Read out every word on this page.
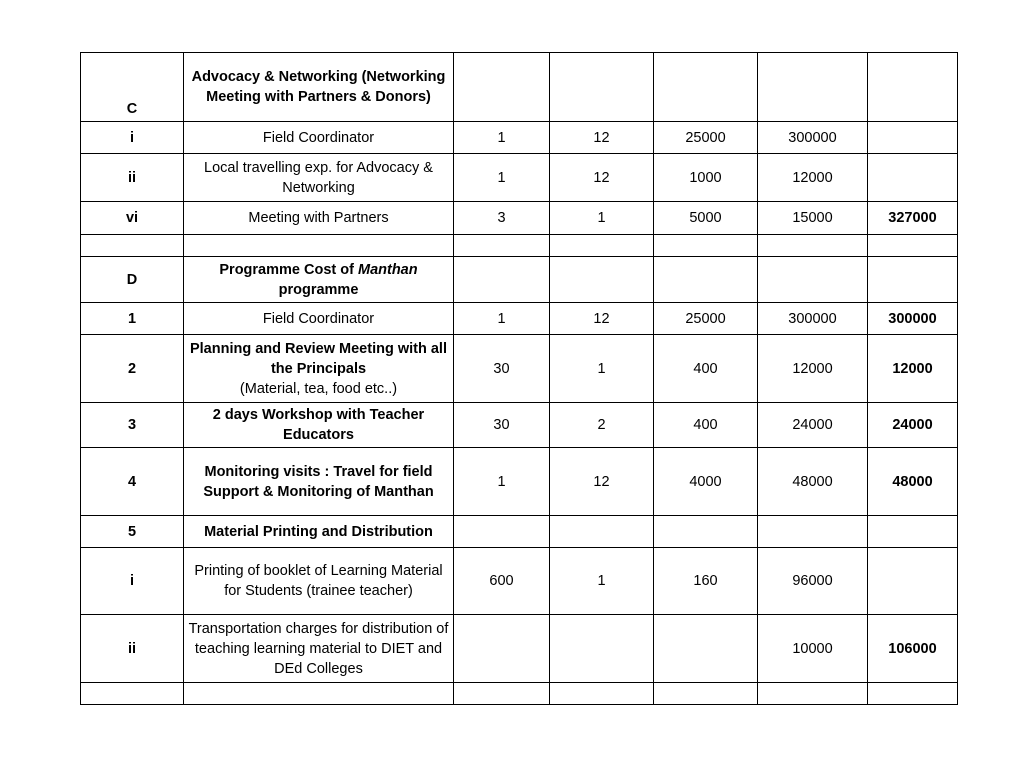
C	Advocacy & Networking (Networking Meeting with Partners & Donors)					
i	Field Coordinator	1	12	25000	300000	
ii	Local travelling exp. for Advocacy & Networking	1	12	1000	12000	
vi	Meeting with Partners	3	1	5000	15000	327000

D	Programme Cost of Manthan
programme					
1	Field Coordinator	1	12	25000	300000	300000
2	Planning and Review Meeting with all the Principals
(Material, tea, food etc..)	30	1	400	12000	12000
3	2 days Workshop with Teacher Educators	30	2	400	24000	24000
4	Monitoring visits : Travel for field Support & Monitoring of Manthan	1	12	4000	48000	48000
5	Material Printing and Distribution					
i	Printing of booklet of Learning Material for Students (trainee teacher)	600	1	160	96000	
ii	Transportation charges for distribution of teaching learning material to DIET and DEd Colleges				10000	106000
